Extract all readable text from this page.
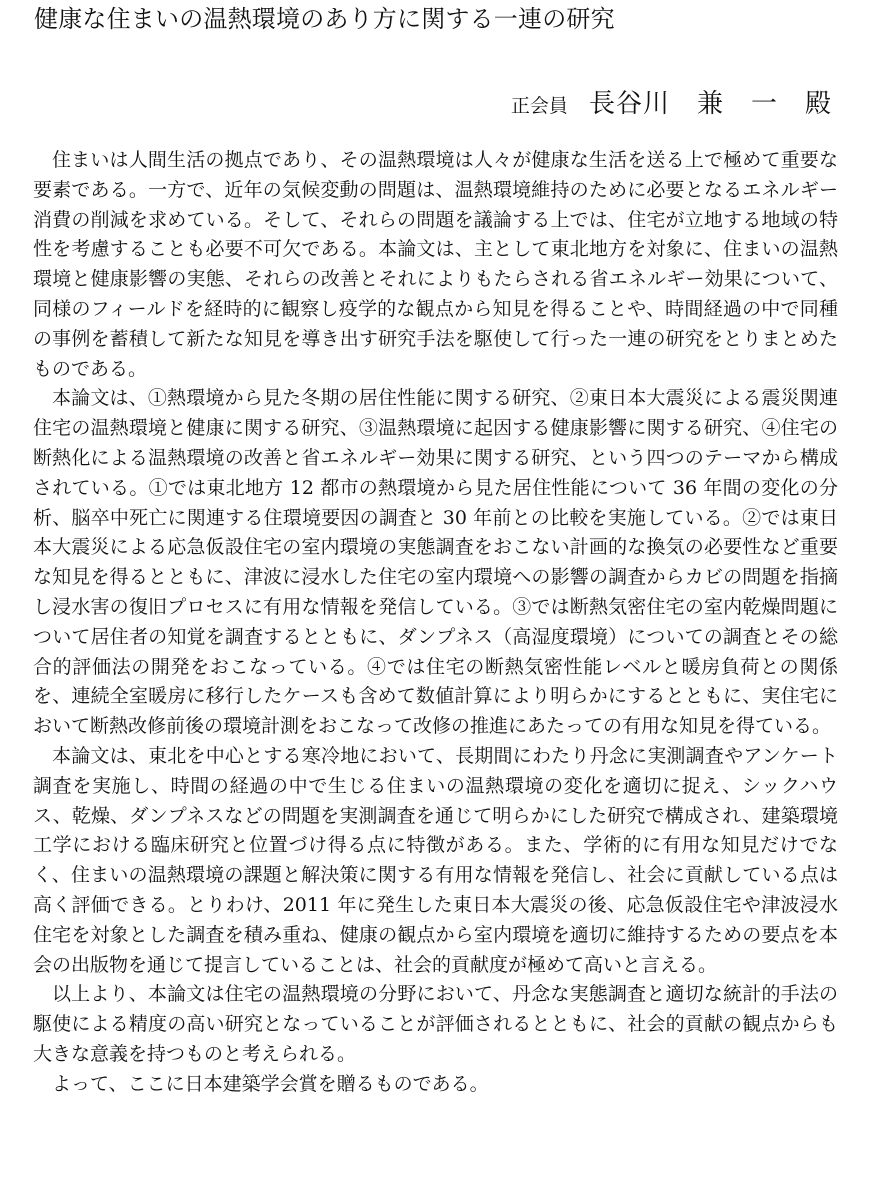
健康な住まいの温熱環境のあり方に関する一連の研究
正会員 長谷川　兼　一　殿

住まいは人間生活の拠点であり、その温熱環境は人々が健康な生活を送る上で極めて重要な要素である。一方で、近年の気候変動の問題は、温熱環境維持のために必要となるエネルギー消費の削減を求めている。そして、それらの問題を議論する上では、住宅が立地する地域の特性を考慮することも必要不可欠である。本論文は、主として東北地方を対象に、住まいの温熱環境と健康影響の実態、それらの改善とそれによりもたらされる省エネルギー効果について、同様のフィールドを経時的に観察し疫学的な観点から知見を得ることや、時間経過の中で同種の事例を蓄積して新たな知見を導き出す研究手法を駆使して行った一連の研究をとりまとめたものである。

本論文は、①熱環境から見た冬期の居住性能に関する研究、②東日本大震災による震災関連住宅の温熱環境と健康に関する研究、③温熱環境に起因する健康影響に関する研究、④住宅の断熱化による温熱環境の改善と省エネルギー効果に関する研究、という四つのテーマから構成されている。①では東北地方 12 都市の熱環境から見た居住性能について 36 年間の変化の分析、脳卒中死亡に関連する住環境要因の調査と 30 年前との比較を実施している。②では東日本大震災による応急仮設住宅の室内環境の実態調査をおこない計画的な換気の必要性など重要な知見を得るとともに、津波に浸水した住宅の室内環境への影響の調査からカビの問題を指摘し浸水害の復旧プロセスに有用な情報を発信している。③では断熱気密住宅の室内乾燥問題について居住者の知覚を調査するとともに、ダンプネス（高湿度環境）についての調査とその総合的評価法の開発をおこなっている。④では住宅の断熱気密性能レベルと暖房負荷との関係を、連続全室暖房に移行したケースも含めて数値計算により明らかにするとともに、実住宅において断熱改修前後の環境計測をおこなって改修の推進にあたっての有用な知見を得ている。

本論文は、東北を中心とする寒冷地において、長期間にわたり丹念に実測調査やアンケート調査を実施し、時間の経過の中で生じる住まいの温熱環境の変化を適切に捉え、シックハウス、乾燥、ダンプネスなどの問題を実測調査を通じて明らかにした研究で構成され、建築環境工学における臨床研究と位置づけ得る点に特徴がある。また、学術的に有用な知見だけでなく、住まいの温熱環境の課題と解決策に関する有用な情報を発信し、社会に貢献している点は高く評価できる。とりわけ、2011 年に発生した東日本大震災の後、応急仮設住宅や津波浸水住宅を対象とした調査を積み重ね、健康の観点から室内環境を適切に維持するための要点を本会の出版物を通じて提言していることは、社会的貢献度が極めて高いと言える。

以上より、本論文は住宅の温熱環境の分野において、丹念な実態調査と適切な統計的手法の駆使による精度の高い研究となっていることが評価されるとともに、社会的貢献の観点からも大きな意義を持つものと考えられる。

よって、ここに日本建築学会賞を贈るものである。
